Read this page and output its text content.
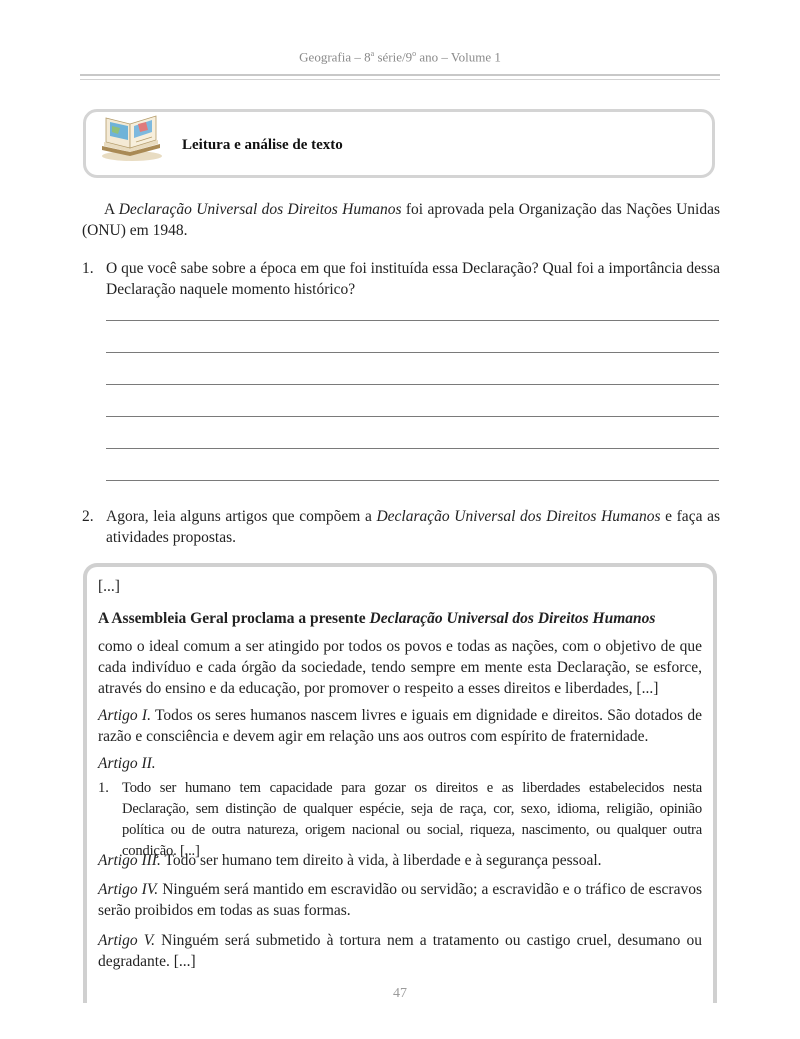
Geografia – 8$^a$ série/9$^o$ ano – Volume 1
Leitura e análise de texto
A Declaração Universal dos Direitos Humanos foi aprovada pela Organização das Nações Unidas (ONU) em 1948.
1. O que você sabe sobre a época em que foi instituída essa Declaração? Qual foi a importância dessa Declaração naquele momento histórico?
2. Agora, leia alguns artigos que compõem a Declaração Universal dos Direitos Humanos e faça as atividades propostas.
[...]
A Assembleia Geral proclama a presente Declaração Universal dos Direitos Humanos
como o ideal comum a ser atingido por todos os povos e todas as nações, com o objetivo de que cada indivíduo e cada órgão da sociedade, tendo sempre em mente esta Declaração, se esforce, através do ensino e da educação, por promover o respeito a esses direitos e liberdades, [...]
Artigo I. Todos os seres humanos nascem livres e iguais em dignidade e direitos. São dotados de razão e consciência e devem agir em relação uns aos outros com espírito de fraternidade.
Artigo II.
1. Todo ser humano tem capacidade para gozar os direitos e as liberdades estabelecidos nesta Declaração, sem distinção de qualquer espécie, seja de raça, cor, sexo, idioma, religião, opinião política ou de outra natureza, origem nacional ou social, riqueza, nascimento, ou qualquer outra condição. [...]
Artigo III. Todo ser humano tem direito à vida, à liberdade e à segurança pessoal.
Artigo IV. Ninguém será mantido em escravidão ou servidão; a escravidão e o tráfico de escravos serão proibidos em todas as suas formas.
Artigo V. Ninguém será submetido à tortura nem a tratamento ou castigo cruel, desumano ou degradante. [...]
47
